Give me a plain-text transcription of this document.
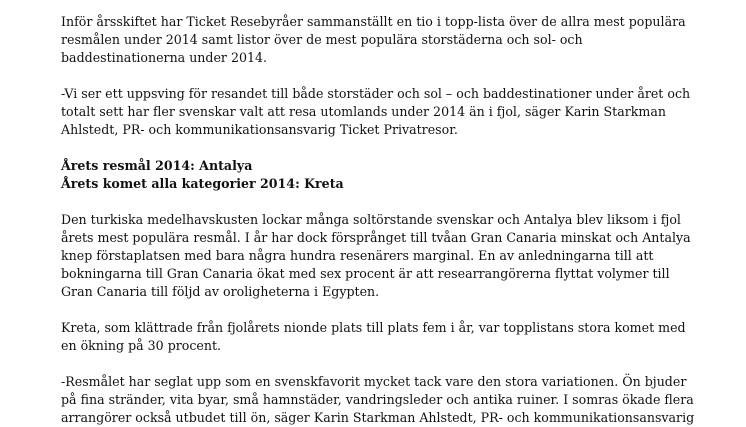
Inför årsskiftet har Ticket Resebyråer sammanställt en tio i topp-lista över de allra mest populära
resmålen under 2014 samt listor över de mest populära storstäderna och sol- och
baddestinationerna under 2014.

-Vi ser ett uppsving för resandet till både storstäder och sol – och baddestinationer under året och
totalt sett har fler svenskar valt att resa utomlands under 2014 än i fjol, säger Karin Starkman
Ahlstedt, PR- och kommunikationsansvarig Ticket Privatresor.

Årets resmål 2014: Antalya

Årets komet alla kategorier 2014: Kreta

Den turkiska medelhavskusten lockar många soltörstande svenskar och Antalya blev liksom i fjol
årets mest populära resmål. I år har dock försprånget till tvåan Gran Canaria minskat och Antalya
knep förstaplatsen med bara några hundra resenärers marginal. En av anledningarna till att
bokningarna till Gran Canaria ökat med sex procent är att researrangörerna flyttat volymer till
Gran Canaria till följd av oroligheterna i Egypten.

Kreta, som klättrade från fjolårets nionde plats till plats fem i år, var topplistans stora komet med
en ökning på 30 procent.

-Resmålet har seglat upp som en svenskfavorit mycket tack vare den stora variationen. Ön bjuder
på fina stränder, vita byar, små hamnstäder, vandringsleder och antika ruiner. I somras ökade flera
arrangörer också utbudet till ön, säger Karin Starkman Ahlstedt, PR- och kommunikationsansvarig
